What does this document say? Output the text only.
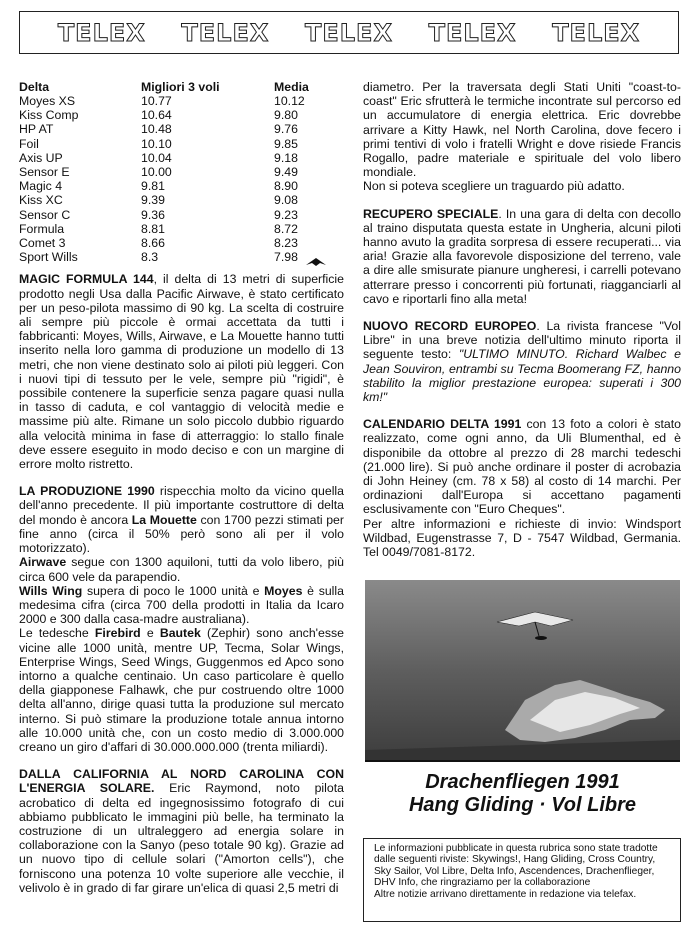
TELEX TELEX TELEX TELEX TELEX
Delta	Migliori 3 voli	Media
Moyes XS	10.77	10.12
Kiss Comp	10.64	9.80
HP AT	10.48	9.76
Foil	10.10	9.85
Axis UP	10.04	9.18
Sensor E	10.00	9.49
Magic 4	9.81	8.90
Kiss XC	9.39	9.08
Sensor C	9.36	9.23
Formula	8.81	8.72
Comet 3	8.66	8.23
Sport Wills	8.3	7.98

MAGIC FORMULA 144, il delta di 13 metri di superficie prodotto negli Usa dalla Pacific Airwave, è stato certificato per un peso-pilota massimo di 90 kg. La scelta di costruire ali sempre più piccole è ormai accettata da tutti i fabbricanti: Moyes, Wills, Airwave, e La Mouette hanno tutti inserito nella loro gamma di produzione un modello di 13 metri, che non viene destinato solo ai piloti più leggeri. Con i nuovi tipi di tessuto per le vele, sempre più "rigidi", è possibile contenere la superficie senza pagare quasi nulla in tasso di caduta, e col vantaggio di velocità medie e massime più alte. Rimane un solo piccolo dubbio riguardo alla velocità minima in fase di atterraggio: lo stallo finale deve essere eseguito in modo deciso e con un margine di errore molto ristretto.

LA PRODUZIONE 1990 rispecchia molto da vicino quella dell'anno precedente. Il più importante costruttore di delta del mondo è ancora La Mouette con 1700 pezzi stimati per fine anno (circa il 50% però sono ali per il volo motorizzato).

Airwave segue con 1300 aquiloni, tutti da volo libero, più circa 600 vele da parapendio.

Wills Wing supera di poco le 1000 unità e Moyes è sulla medesima cifra (circa 700 della prodotti in Italia da Icaro 2000 e 300 dalla casa-madre australiana).

Le tedesche Firebird e Bautek (Zephir) sono anch'esse vicine alle 1000 unità, mentre UP, Tecma, Solar Wings, Enterprise Wings, Seed Wings, Guggenmos ed Apco sono intorno a qualche centinaio. Un caso particolare è quello della giapponese Falhawk, che pur costruendo oltre 1000 delta all'anno, dirige quasi tutta la produzione sul mercato interno. Si può stimare la produzione totale annua intorno alle 10.000 unità che, con un costo medio di 3.000.000 creano un giro d'affari di 30.000.000.000 (trenta miliardi).

DALLA CALIFORNIA AL NORD CAROLINA CON L'ENERGIA SOLARE. Eric Raymond, noto pilota acrobatico di delta ed ingegnosissimo fotografo di cui abbiamo pubblicato le immagini più belle, ha terminato la costruzione di un ultraleggero ad energia solare in collaborazione con la Sanyo (peso totale 90 kg). Grazie ad un nuovo tipo di cellule solari ("Amorton cells"), che forniscono una potenza 10 volte superiore alle vecchie, il velivolo è in grado di far girare un'elica di quasi 2,5 metri di

diametro. Per la traversata degli Stati Uniti "coast-to-coast" Eric sfrutterà le termiche incontrate sul percorso ed un accumulatore di energia elettrica. Eric dovrebbe arrivare a Kitty Hawk, nel North Carolina, dove fecero i primi tentivi di volo i fratelli Wright e dove risiede Francis Rogallo, padre materiale e spirituale del volo libero mondiale.

Non si poteva scegliere un traguardo più adatto.

RECUPERO SPECIALE. In una gara di delta con decollo al traino disputata questa estate in Ungheria, alcuni piloti hanno avuto la gradita sorpresa di essere recuperati... via aria! Grazie alla favorevole disposizione del terreno, vale a dire alle smisurate pianure ungheresi, i carrelli potevano atterrare presso i concorrenti più fortunati, riagganciarli al cavo e riportarli fino alla meta!

NUOVO RECORD EUROPEO. La rivista francese "Vol Libre" in una breve notizia dell'ultimo minuto riporta il seguente testo: "ULTIMO MINUTO. Richard Walbec e Jean Souviron, entrambi su Tecma Boomerang FZ, hanno stabilito la miglior prestazione europea: superati i 300 km!"

CALENDARIO DELTA 1991 con 13 foto a colori è stato realizzato, come ogni anno, da Uli Blumenthal, ed è disponibile da ottobre al prezzo di 28 marchi tedeschi (21.000 lire). Si può anche ordinare il poster di acrobazia di John Heiney (cm. 78 x 58) al costo di 14 marchi. Per ordinazioni dall'Europa si accettano pagamenti esclusivamente con "Euro Cheques".

Per altre informazioni e richieste di invio: Windsport Wildbad, Eugenstrasse 7, D - 7547 Wildbad, Germania. Tel 0049/7081-8172.

Drachenfliegen 1991
Hang Gliding · Vol Libre
Le informazioni pubblicate in questa rubrica sono state tradotte dalle seguenti riviste: Skywings!, Hang Gliding, Cross Country, Sky Sailor, Vol Libre, Delta Info, Ascendences, Drachenflieger, DHV Info, che ringraziamo per la collaborazione
Altre notizie arrivano direttamente in redazione via telefax.
